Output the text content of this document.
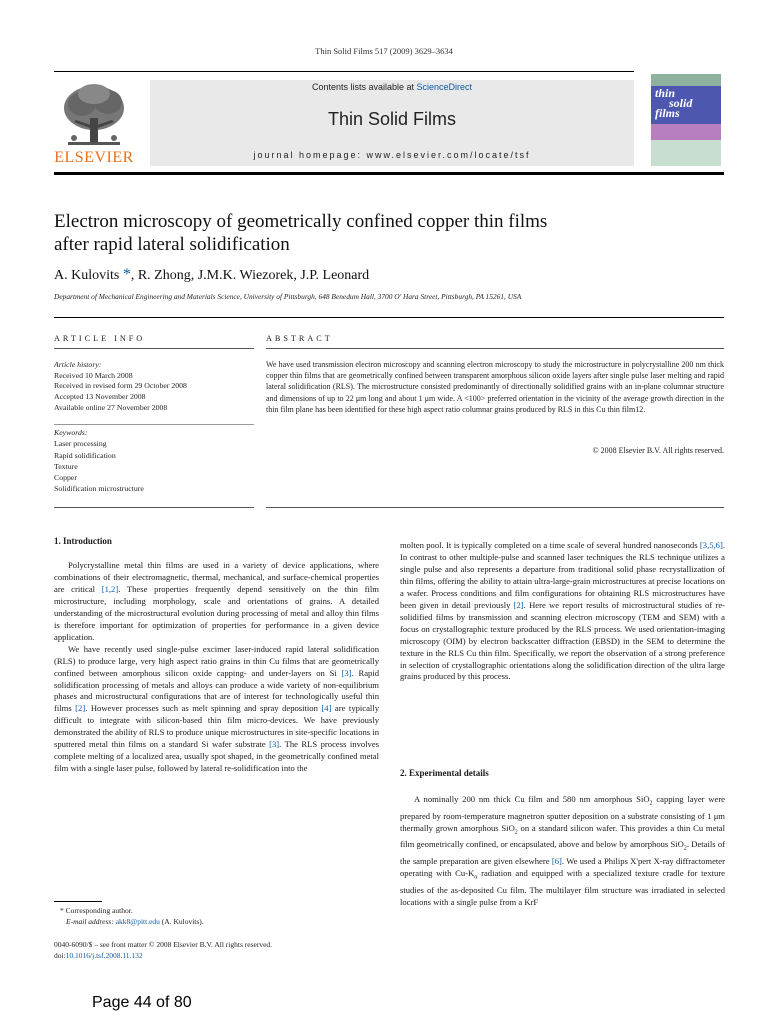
Thin Solid Films 517 (2009) 3629–3634
ELSEVIER
Contents lists available at ScienceDirect
Thin Solid Films
journal homepage: www.elsevier.com/locate/tsf
thin
solid
films
Electron microscopy of geometrically confined copper thin films
after rapid lateral solidification
A. Kulovits *, R. Zhong, J.M.K. Wiezorek, J.P. Leonard
Department of Mechanical Engineering and Materials Science, University of Pittsburgh, 648 Benedum Hall, 3700 O' Hara Street, Pittsburgh, PA 15261, USA
ARTICLE INFO	ABSTRACT
Article history:
Received 10 March 2008
Received in revised form 29 October 2008
Accepted 13 November 2008
Available online 27 November 2008
Keywords:
Laser processing
Rapid solidification
Texture
Copper
Solidification microstructure
We have used transmission electron microscopy and scanning electron microscopy to study the microstructure in polycrystalline 200 nm thick copper thin films that are geometrically confined between transparent amorphous silicon oxide layers after single pulse laser melting and rapid lateral solidification (RLS). The microstructure consisted predominantly of directionally solidified grains with an in-plane columnar structure and dimensions of up to 22 μm long and about 1 μm wide. A <100> preferred orientation in the vicinity of the average growth direction in the thin film plane has been identified for these high aspect ratio columnar grains produced by RLS in this Cu thin film12.
© 2008 Elsevier B.V. All rights reserved.
1. Introduction

Polycrystalline metal thin films are used in a variety of device applications, where combinations of their electromagnetic, thermal, mechanical, and surface-chemical properties are critical [1,2]. These properties frequently depend sensitively on the thin film microstructure, including morphology, scale and orientations of grains. A detailed understanding of the microstructural evolution during processing of metal and alloy thin films is therefore important for optimization of properties for performance in a given device application.

We have recently used single-pulse excimer laser-induced rapid lateral solidification (RLS) to produce large, very high aspect ratio grains in thin Cu films that are geometrically confined between amorphous silicon oxide capping- and under-layers on Si [3]. Rapid solidification processing of metals and alloys can produce a wide variety of non-equilibrium phases and microstructural configurations that are of interest for technologically useful thin films [2]. However processes such as melt spinning and spray deposition [4] are typically difficult to integrate with silicon-based thin film micro-devices. We have previously demonstrated the ability of RLS to produce unique microstructures in site-specific locations in sputtered metal thin films on a standard Si wafer substrate [3]. The RLS process involves complete melting of a localized area, usually spot shaped, in the geometrically confined metal film with a single laser pulse, followed by lateral re-solidification into the

molten pool. It is typically completed on a time scale of several hundred nanoseconds [3,5,6]. In contrast to other multiple-pulse and scanned laser techniques the RLS technique utilizes a single pulse and also represents a departure from traditional solid phase recrystallization of thin films, offering the ability to attain ultra-large-grain microstructures at precise locations on a wafer. Process conditions and film configurations for obtaining RLS microstructures have been given in detail previously [2]. Here we report results of microstructural studies of re-solidified films by transmission and scanning electron microscopy (TEM and SEM) with a focus on crystallographic texture produced by the RLS process. We used orientation-imaging microscopy (OIM) by electron backscatter diffraction (EBSD) in the SEM to determine the texture in the RLS Cu thin film. Specifically, we report the observation of a strong preference in selection of crystallographic orientations along the solidification direction of the ultra large grains produced by this process.

2. Experimental details

A nominally 200 nm thick Cu film and 580 nm amorphous SiO$_2$ capping layer were prepared by room-temperature magnetron sputter deposition on a substrate consisting of 1 μm thermally grown amorphous SiO$_2$ on a standard silicon wafer. This provides a thin Cu metal film geometrically confined, or encapsulated, above and below by amorphous SiO$_2$. Details of the sample preparation are given elsewhere [6]. We used a Philips X'pert X-ray diffractometer operating with $Cu-K_\alpha$ radiation and equipped with a specialized texture cradle for texture studies of the as-deposited Cu film. The multilayer film structure was irradiated in selected locations with a single pulse from a KrF

* Corresponding author.
E-mail address: akk8@pitt.edu (A. Kulovits).
0040-6090/$ – see front matter © 2008 Elsevier B.V. All rights reserved.
doi:10.1016/j.tsf.2008.11.132
Page 44 of 80
